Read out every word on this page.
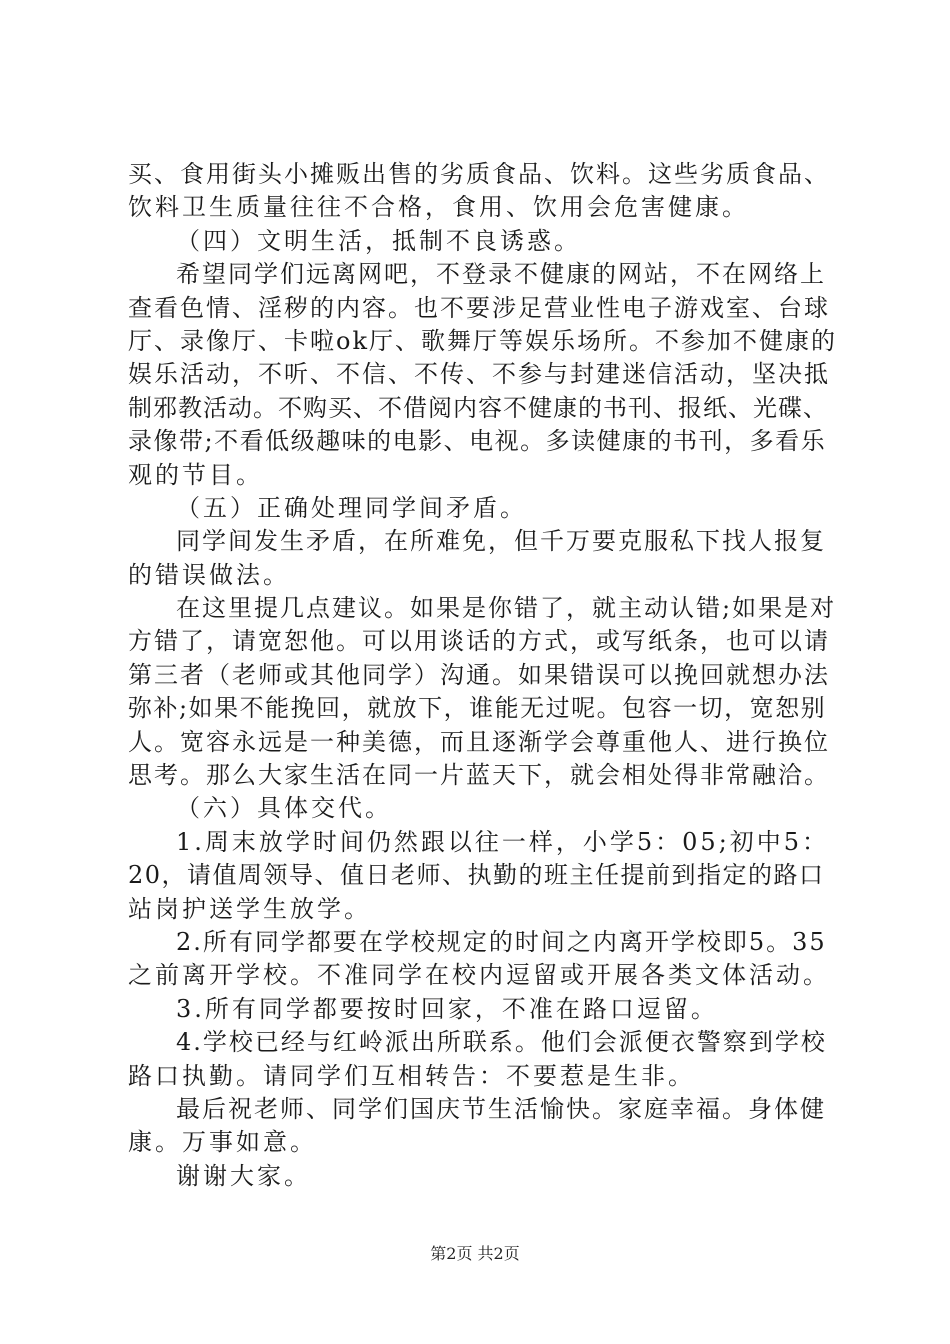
买、食用街头小摊贩出售的劣质食品、饮料。这些劣质食品、
饮料卫生质量往往不合格，食用、饮用会危害健康。
（四）文明生活，抵制不良诱惑。
希望同学们远离网吧，不登录不健康的网站，不在网络上
查看色情、淫秽的内容。也不要涉足营业性电子游戏室、台球
厅、录像厅、卡啦ok厅、歌舞厅等娱乐场所。不参加不健康的
娱乐活动，不听、不信、不传、不参与封建迷信活动，坚决抵
制邪教活动。不购买、不借阅内容不健康的书刊、报纸、光碟、
录像带;不看低级趣味的电影、电视。多读健康的书刊，多看乐
观的节目。
（五）正确处理同学间矛盾。
同学间发生矛盾，在所难免，但千万要克服私下找人报复
的错误做法。
在这里提几点建议。如果是你错了，就主动认错;如果是对
方错了，请宽恕他。可以用谈话的方式，或写纸条，也可以请
第三者（老师或其他同学）沟通。如果错误可以挽回就想办法
弥补;如果不能挽回，就放下，谁能无过呢。包容一切，宽恕别
人。宽容永远是一种美德，而且逐渐学会尊重他人、进行换位
思考。那么大家生活在同一片蓝天下，就会相处得非常融洽。
（六）具体交代。
1.周末放学时间仍然跟以往一样，小学5：05;初中5：
20，请值周领导、值日老师、执勤的班主任提前到指定的路口
站岗护送学生放学。
2.所有同学都要在学校规定的时间之内离开学校即5。35
之前离开学校。不准同学在校内逗留或开展各类文体活动。
3.所有同学都要按时回家，不准在路口逗留。
4.学校已经与红岭派出所联系。他们会派便衣警察到学校
路口执勤。请同学们互相转告：不要惹是生非。
最后祝老师、同学们国庆节生活愉快。家庭幸福。身体健
康。万事如意。
谢谢大家。
第2页 共2页
